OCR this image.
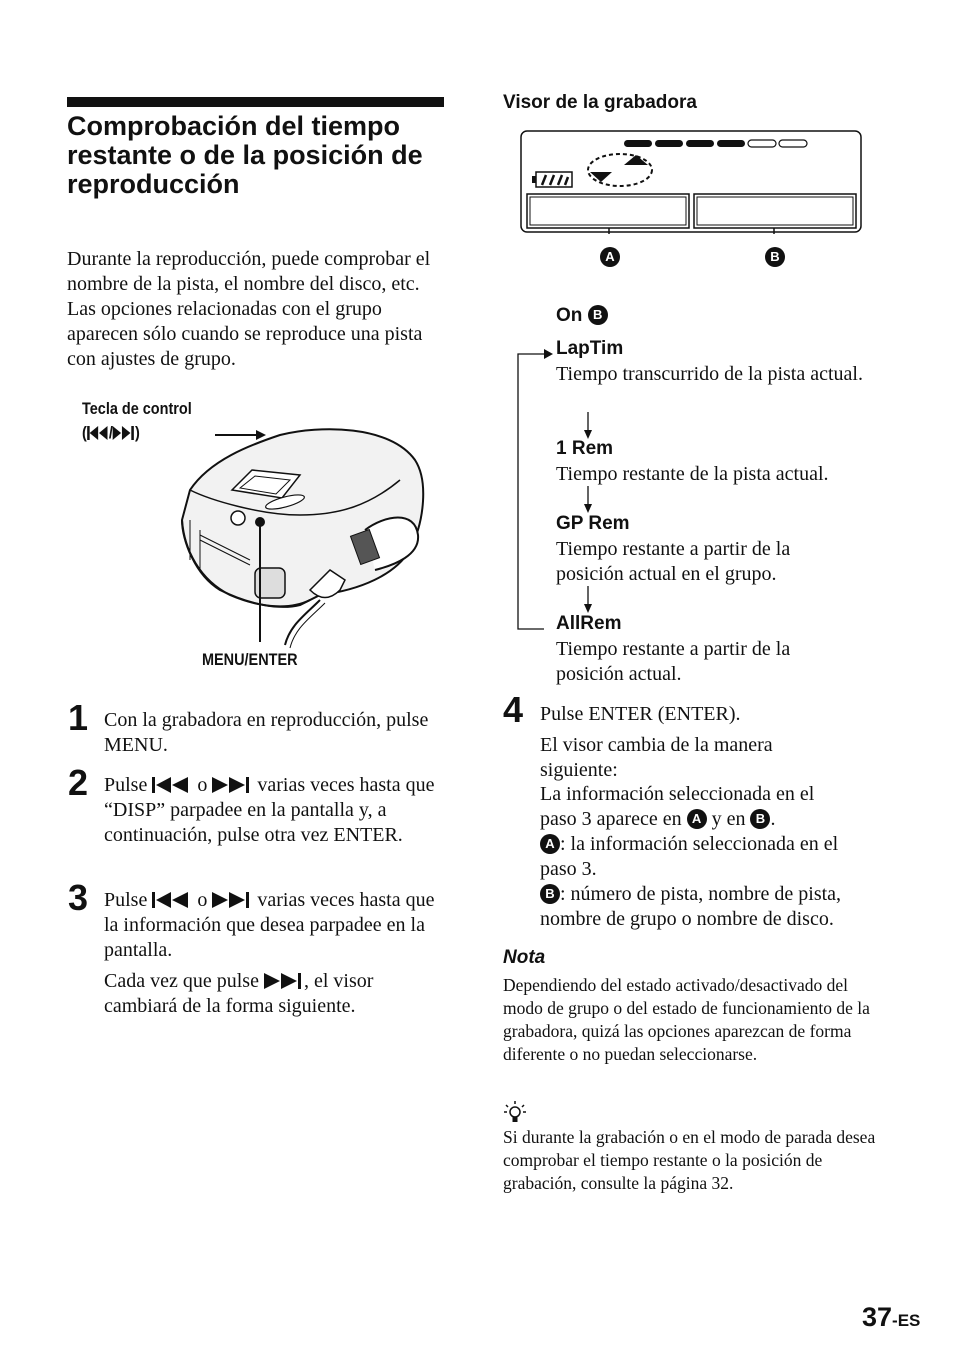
Comprobación del tiempo restante o de la posición de reproducción
Durante la reproducción, puede comprobar el nombre de la pista, el nombre del disco, etc. Las opciones relacionadas con el grupo aparecen sólo cuando se reproduce una pista con ajustes de grupo.
Tecla de control
( / )
MENU/ENTER
1 Con la grabadora en reproducción, pulse MENU.
2 Pulse	o	varias veces hasta que “DISP” parpadee en la pantalla y, a continuación, pulse otra vez ENTER.
3 Pulse	o	varias veces hasta que la información que desea parpadee en la pantalla.
Cada vez que pulse , el visor cambiará de la forma siguiente.
Visor de la grabadora
A	B
On B
LapTim
Tiempo transcurrido de la pista actual.
1 Rem
Tiempo restante de la pista actual.
GP Rem
Tiempo restante a partir de la posición actual en el grupo.
AllRem
Tiempo restante a partir de la posición actual.
4 Pulse ENTER (ENTER).
El visor cambia de la manera siguiente:
La información seleccionada en el paso 3 aparece en A y en B .
A : la información seleccionada en el paso 3.
B : número de pista, nombre de pista, nombre de grupo o nombre de disco.
Nota
Dependiendo del estado activado/desactivado del modo de grupo o del estado de funcionamiento de la grabadora, quizá las opciones aparezcan de forma diferente o no puedan seleccionarse.
Si durante la grabación o en el modo de parada desea comprobar el tiempo restante o la posición de grabación, consulte la página 32.
37-ES
